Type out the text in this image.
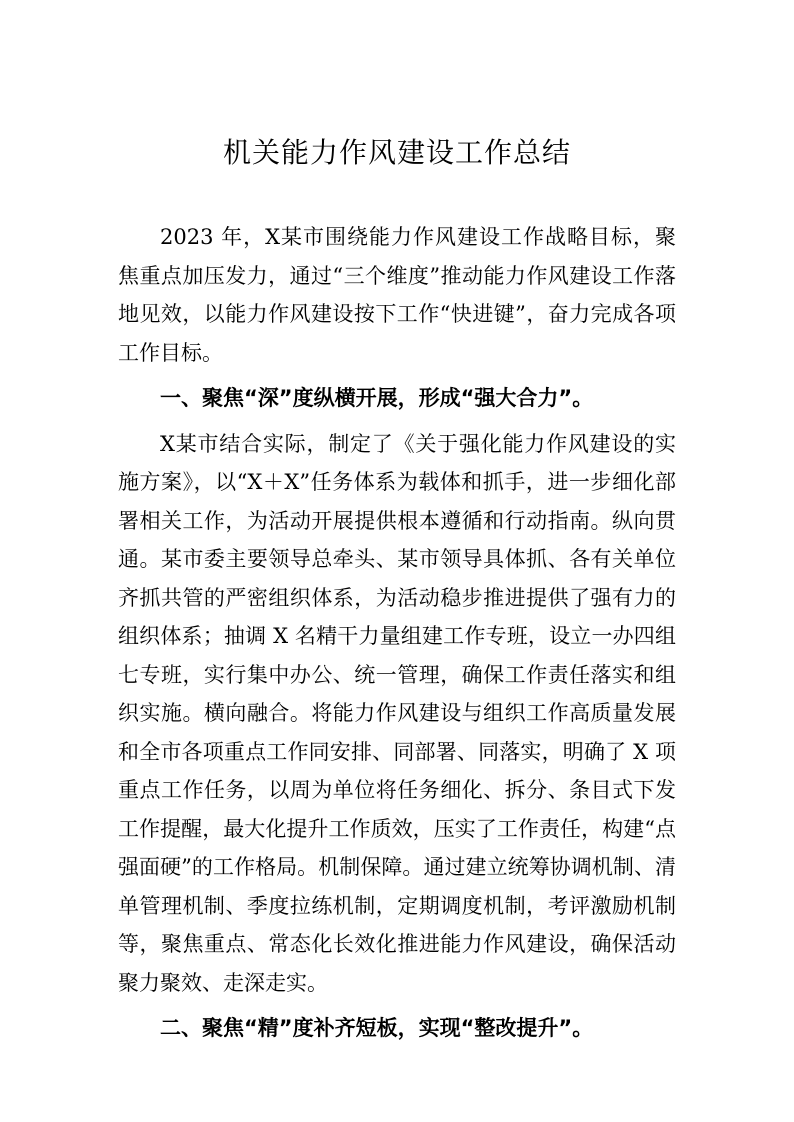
机关能力作风建设工作总结

2023 年，X某市围绕能力作风建设工作战略目标，聚焦重点加压发力，通过“三个维度”推动能力作风建设工作落地见效，以能力作风建设按下工作“快进键”，奋力完成各项工作目标。

一、聚焦“深”度纵横开展，形成“强大合力”。

X某市结合实际，制定了《关于强化能力作风建设的实施方案》，以“X＋X”任务体系为载体和抓手，进一步细化部署相关工作，为活动开展提供根本遵循和行动指南。纵向贯通。某市委主要领导总牵头、某市领导具体抓、各有关单位齐抓共管的严密组织体系，为活动稳步推进提供了强有力的组织体系；抽调 X 名精干力量组建工作专班，设立一办四组七专班，实行集中办公、统一管理，确保工作责任落实和组织实施。横向融合。将能力作风建设与组织工作高质量发展和全市各项重点工作同安排、同部署、同落实，明确了 X 项重点工作任务，以周为单位将任务细化、拆分、条目式下发工作提醒，最大化提升工作质效，压实了工作责任，构建“点强面硬”的工作格局。机制保障。通过建立统筹协调机制、清单管理机制、季度拉练机制，定期调度机制，考评激励机制等，聚焦重点、常态化长效化推进能力作风建设，确保活动聚力聚效、走深走实。

二、聚焦“精”度补齐短板，实现“整改提升”。
